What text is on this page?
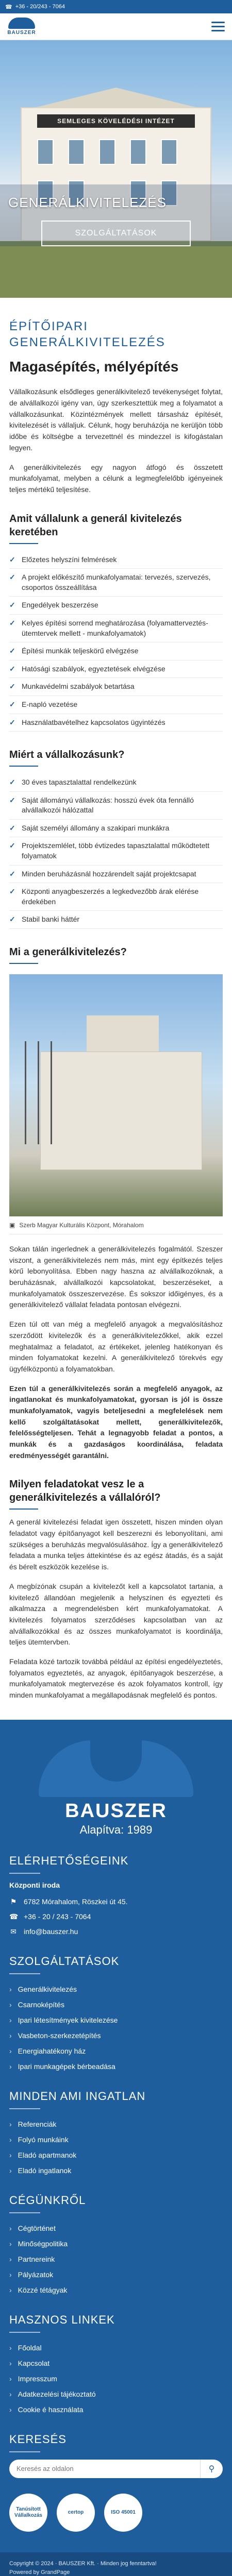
☎ +36 - 20/243 - 7064
BAUSZER
SEMLEGES KÖVELÉDÉSI INTÉZET
GENERÁLKIVITELEZÉS
SZOLGÁLTATÁSOK
ÉPÍTŐIPARI GENERÁLKIVITELEZÉS
Magasépítés, mélyépítés

Vállalkozásunk elsődleges generálkivitelező tevékenységet folytat, de alvállalkozói igény van, úgy szerkesztettük meg a folyamatot a vállalkozásunkat. Közintézmények mellett társasház építését, kivitelezését is vállaljuk. Célunk, hogy beruházója ne kerüljön több időbe és költségbe a tervezettnél és mindezzel is kifogástalan legyen.

A generálkivitelezés egy nagyon átfogó és összetett munkafolyamat, melyben a célunk a legmegfelelőbb igényeinek teljes mértékű teljesítése.

Amit vállalunk a generál kivitelezés keretében
✓ Előzetes helyszíni felmérések
✓ A projekt előkészítő munkafolyamatai: tervezés, szervezés, csoportos összeállítása
✓ Engedélyek beszerzése
✓ Kelyes építési sorrend meghatározása (folyamatterveztés-ütemtervek mellett - munkafolyamatok)
✓ Építési munkák teljeskörű elvégzése
✓ Hatósági szabályok, egyeztetések elvégzése
✓ Munkavédelmi szabályok betartása
✓ E-napló vezetése
✓ Használatbavételhez kapcsolatos ügyintézés
Miért a vállalkozásunk?
✓ 30 éves tapasztalattal rendelkezünk
✓ Saját állományú vállalkozás: hosszú évek óta fennálló alvállalkozói hálózattal
✓ Saját személyi állomány a szakipari munkákra
✓ Projektszemlélet, több évtizedes tapasztalattal működtetett folyamatok
✓ Minden beruházásnál hozzárendelt saját projektcsapat
✓ Központi anyagbeszerzés a legkedvezőbb árak elérése érdekében
✓ Stabil banki háttér
Mi a generálkivitelezés?
▣ Szerb Magyar Kulturális Központ, Mórahalom

Sokan tálán ingerlednek a generálkivitelezés fogalmától. Szeszer viszont, a generálkivitelezés nem más, mint egy építkezés teljes körű lebonyolítása. Ebben nagy haszna az alvállalkozóknak, a beruházásnak, alvállalkozói kapcsolatokat, beszerzéseket, a munkafolyamatok összeszervezése. És sokszor időigényes, és a generálkivitelező vállalat feladata pontosan elvégezni.

Ezen túl ott van még a megfelelő anyagok a megvalósításhoz szerződött kivitelezők és a generálkivitelezőkkel, akik ezzel meghatalmaz a feladatot, az értékeket, jelenleg hatékonyan és minden folyamatokat kezelni. A generálkivitelező törekvés egy ügyfélközpontú a folyamatokban.

Ezen túl a generálkivitelezés során a megfelelő anyagok, az ingatlanokat és munkafolyamatokat, gyorsan is jól is össze munkafolyamatok, vagyis beteljesedni a megfelelések nem kellő szolgáltatásokat mellett, generálkivitelezők, felelősségteljesen. Tehát a legnagyobb feladat a pontos, a munkák és a gazdaságos koordinálása, feladata eredményességét garantálni.

Milyen feladatokat vesz le a generálkivitelezés a vállalóról?

A generál kivitelezési feladat igen összetett, hiszen minden olyan feladatot vagy építőanyagot kell beszerezni és lebonyolítani, ami szükséges a beruházás megvalósulásához. Így a generálkivitelező feladata a munka teljes áttekintése és az egész átadás, és a saját és bérelt eszközök kezelése is.

A megbízónak csupán a kivitelezőt kell a kapcsolatot tartania, a kivitelező állandóan megjelenik a helyszínen és egyezteti és alkalmazza a megrendelésben kért munkafolyamatokat. A kivitelezés folyamatos szerződéses kapcsolatban van az alvállalkozókkal és az összes munkafolyamatot is koordinálja, teljes ütemtervben.

Feladata közé tartozik továbbá például az építési engedélyeztetés, folyamatos egyeztetés, az anyagok, építőanyagok beszerzése, a munkafolyamatok megtervezése és azok folyamatos kontroll, így minden munkafolyamat a megállapodásnak megfelelő és pontos.

BAUSZER
Alapítva: 1989
ELÉRHETŐSÉGEINK
Központi iroda
⚑ 6782 Mórahalom, Röszkei út 45.
☎ +36 - 20 / 243 - 7064
✉ info@bauszer.hu
SZOLGÁLTATÁSOK
› Generálkivitelezés
› Csarnoképítés
› Ipari létesítmények kivitelezése
› Vasbeton-szerkezetépítés
› Energiahatékony ház
› Ipari munkagépek bérbeadása
MINDEN AMI INGATLAN
› Referenciák
› Folyó munkáink
› Eladó apartmanok
› Eladó ingatlanok
CÉGÜNKRŐL
› Cégtörténet
› Minőségpolitika
› Partnereink
› Pályázatok
› Közzé tétágyak
HASZNOS LINKEK
› Főoldal
› Kapcsolat
› Impresszum
› Adatkezelési tájékoztató
› Cookie é használata
KERESÉS
Keresés az oldalon
⚲
Tanúsított Vállalkozás
certop	ISO 45001
Copyright © 2024 · BAUSZER Kft. · Minden jog fenntartva!
Powered by GrandPage
